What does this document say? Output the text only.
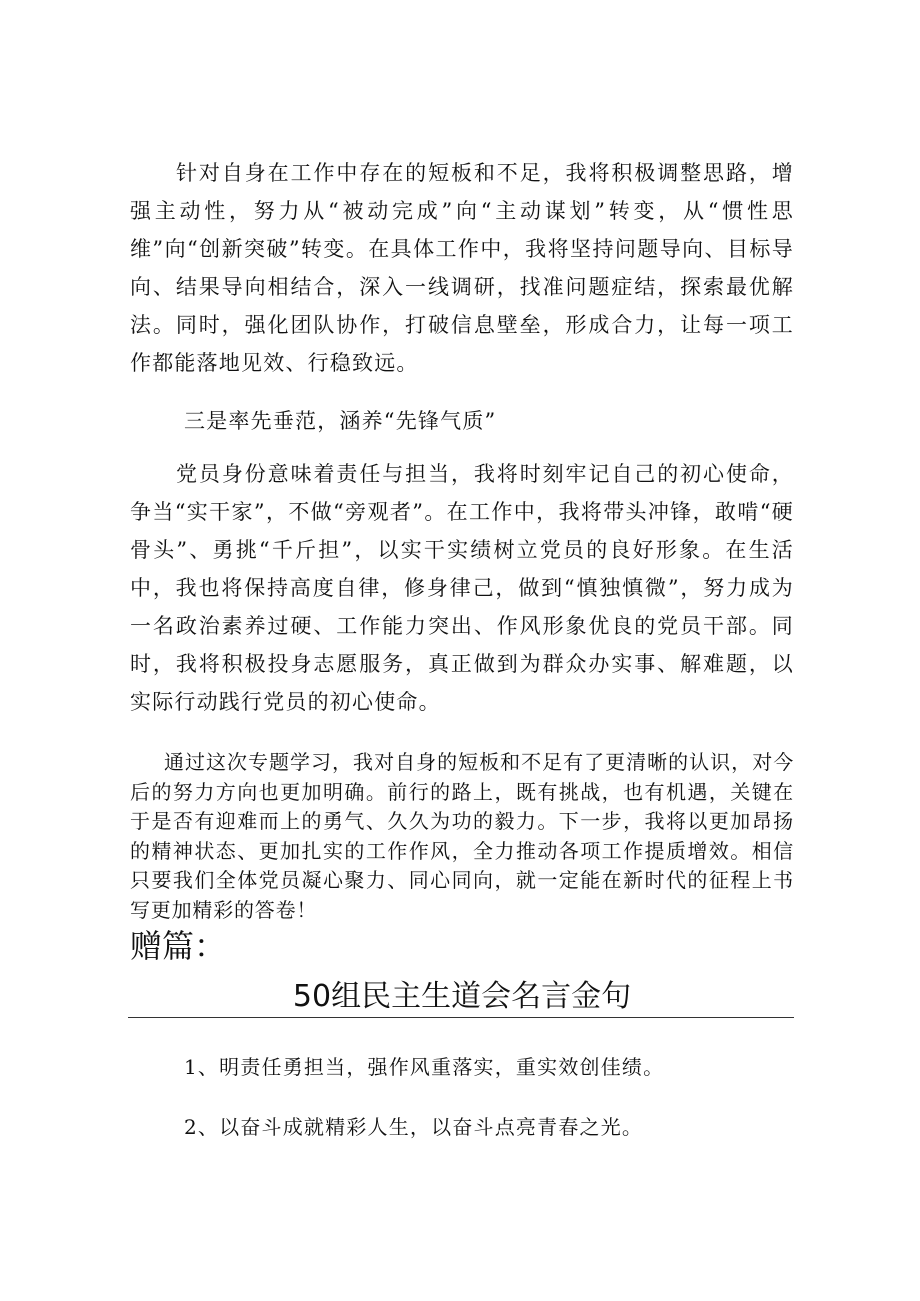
针对自身在工作中存在的短板和不足，我将积极调整思路，增强主动性，努力从“被动完成”向“主动谋划”转变，从“惯性思维”向“创新突破”转变。在具体工作中，我将坚持问题导向、目标导向、结果导向相结合，深入一线调研，找准问题症结，探索最优解法。同时，强化团队协作，打破信息壁垒，形成合力，让每一项工作都能落地见效、行稳致远。

三是率先垂范，涵养“先锋气质”

党员身份意味着责任与担当，我将时刻牢记自己的初心使命，争当“实干家”，不做“旁观者”。在工作中，我将带头冲锋，敢啃“硬骨头”、勇挑“千斤担”，以实干实绩树立党员的良好形象。在生活中，我也将保持高度自律，修身律己，做到“慎独慎微”，努力成为一名政治素养过硬、工作能力突出、作风形象优良的党员干部。同时，我将积极投身志愿服务，真正做到为群众办实事、解难题，以实际行动践行党员的初心使命。

通过这次专题学习，我对自身的短板和不足有了更清晰的认识，对今后的努力方向也更加明确。前行的路上，既有挑战，也有机遇，关键在于是否有迎难而上的勇气、久久为功的毅力。下一步，我将以更加昂扬的精神状态、更加扎实的工作作风，全力推动各项工作提质增效。相信只要我们全体党员凝心聚力、同心同向，就一定能在新时代的征程上书写更加精彩的答卷！

赠篇：

50组民主生道会名言金句

1、明责任勇担当，强作风重落实，重实效创佳绩。

2、以奋斗成就精彩人生，以奋斗点亮青春之光。
